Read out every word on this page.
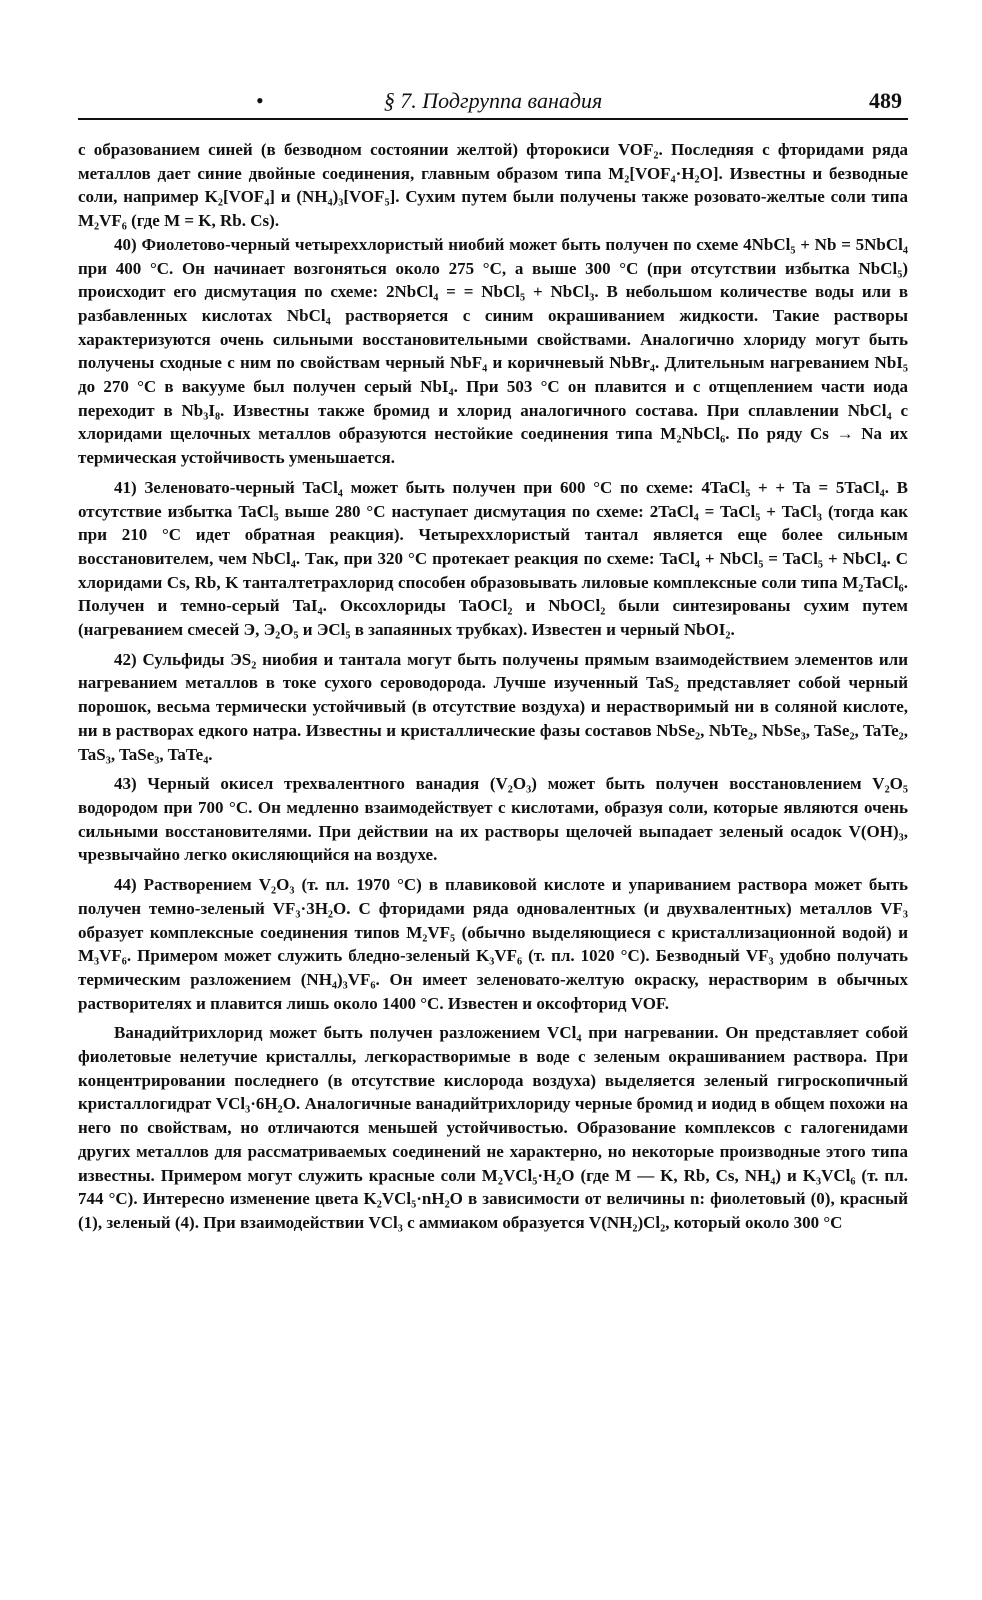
•	§ 7. Подгруппа ванадия	489

с образованием синей (в безводном состоянии желтой) фторокиси VOF₂. Последняя с фторидами ряда металлов дает синие двойные соединения, главным образом типа M₂[VOF₄·H₂O]. Известны и безводные соли, например K₂[VOF₄] и (NH₄)₃[VOF₅]. Сухим путем были получены также розовато-желтые соли типа M₂VF₆ (где M = K, Rb. Cs).

40) Фиолетово-черный четыреххлористый ниобий может быть получен по схеме 4NbCl₅ + Nb = 5NbCl₄ при 400 °C. Он начинает возгоняться около 275 °C, а выше 300 °C (при отсутствии избытка NbCl₅) происходит его дисмутация по схеме: 2NbCl₄ = = NbCl₅ + NbCl₃. В небольшом количестве воды или в разбавленных кислотах NbCl₄ растворяется с синим окрашиванием жидкости. Такие растворы характеризуются очень сильными восстановительными свойствами. Аналогично хлориду могут быть получены сходные с ним по свойствам черный NbF₄ и коричневый NbBr₄. Длительным нагреванием NbI₅ до 270 °C в вакууме был получен серый NbI₄. При 503 °C он плавится и с отщеплением части иода переходит в Nb₃I₈. Известны также бромид и хлорид аналогичного состава. При сплавлении NbCl₄ с хлоридами щелочных металлов образуются нестойкие соединения типа M₂NbCl₆. По ряду Cs → Na их термическая устойчивость уменьшается.

41) Зеленовато-черный TaCl₄ может быть получен при 600 °C по схеме: 4TaCl₅ + + Ta = 5TaCl₄. В отсутствие избытка TaCl₅ выше 280 °C наступает дисмутация по схеме: 2TaCl₄ = TaCl₅ + TaCl₃ (тогда как при 210 °C идет обратная реакция). Четыреххлористый тантал является еще более сильным восстановителем, чем NbCl₄. Так, при 320 °C протекает реакция по схеме: TaCl₄ + NbCl₅ = TaCl₅ + NbCl₄. С хлоридами Cs, Rb, K танталтетрахлорид способен образовывать лиловые комплексные соли типа M₂TaCl₆. Получен и темно-серый TaI₄. Оксохлориды TaOCl₂ и NbOCl₂ были синтезированы сухим путем (нагреванием смесей Э, Э₂O₅ и ЭCl₅ в запаянных трубках). Известен и черный NbOI₂.

42) Сульфиды ЭS₂ ниобия и тантала могут быть получены прямым взаимодействием элементов или нагреванием металлов в токе сухого сероводорода. Лучше изученный TaS₂ представляет собой черный порошок, весьма термически устойчивый (в отсутствие воздуха) и нерастворимый ни в соляной кислоте, ни в растворах едкого натра. Известны и кристаллические фазы составов NbSe₂, NbTe₂, NbSe₃, TaSe₂, TaTe₂, TaS₃, TaSe₃, TaTe₄.

43) Черный окисел трехвалентного ванадия (V₂O₃) может быть получен восстановлением V₂O₅ водородом при 700 °C. Он медленно взаимодействует с кислотами, образуя соли, которые являются очень сильными восстановителями. При действии на их растворы щелочей выпадает зеленый осадок V(OH)₃, чрезвычайно легко окисляющийся на воздухе.

44) Растворением V₂O₃ (т. пл. 1970 °C) в плавиковой кислоте и упариванием раствора может быть получен темно-зеленый VF₃·3H₂O. С фторидами ряда одновалентных (и двухвалентных) металлов VF₃ образует комплексные соединения типов M₂VF₅ (обычно выделяющиеся с кристаллизационной водой) и M₃VF₆. Примером может служить бледно-зеленый K₃VF₆ (т. пл. 1020 °C). Безводный VF₃ удобно получать термическим разложением (NH₄)₃VF₆. Он имеет зеленовато-желтую окраску, нерастворим в обычных растворителях и плавится лишь около 1400 °C. Известен и оксофторид VOF.

Ванадийтрихлорид может быть получен разложением VCl₄ при нагревании. Он представляет собой фиолетовые нелетучие кристаллы, легкорастворимые в воде с зеленым окрашиванием раствора. При концентрировании последнего (в отсутствие кислорода воздуха) выделяется зеленый гигроскопичный кристаллогидрат VCl₃·6H₂O. Аналогичные ванадийтрихлориду черные бромид и иодид в общем похожи на него по свойствам, но отличаются меньшей устойчивостью. Образование комплексов с галогенидами других металлов для рассматриваемых соединений не характерно, но некоторые производные этого типа известны. Примером могут служить красные соли M₂VCl₅·H₂O (где M — K, Rb, Cs, NH₄) и K₃VCl₆ (т. пл. 744 °C). Интересно изменение цвета K₂VCl₅·nH₂O в зависимости от величины n: фиолетовый (0), красный (1), зеленый (4). При взаимодействии VCl₃ с аммиаком образуется V(NH₂)Cl₂, который около 300 °C
